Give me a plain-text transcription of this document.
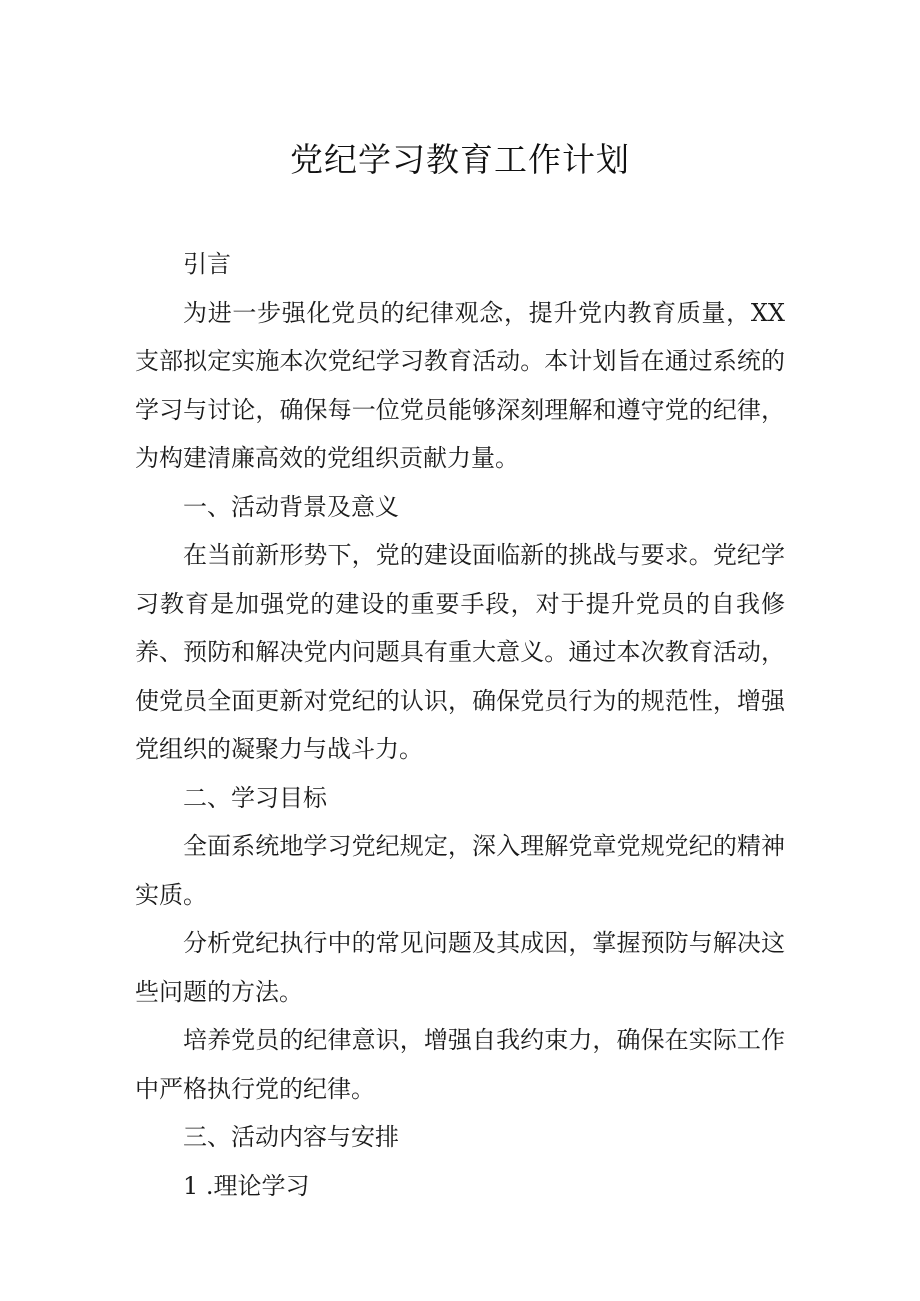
党纪学习教育工作计划

引言

为进一步强化党员的纪律观念，提升党内教育质量，XX支部拟定实施本次党纪学习教育活动。本计划旨在通过系统的学习与讨论，确保每一位党员能够深刻理解和遵守党的纪律，为构建清廉高效的党组织贡献力量。

一、活动背景及意义

在当前新形势下，党的建设面临新的挑战与要求。党纪学习教育是加强党的建设的重要手段，对于提升党员的自我修养、预防和解决党内问题具有重大意义。通过本次教育活动，使党员全面更新对党纪的认识，确保党员行为的规范性，增强党组织的凝聚力与战斗力。

二、学习目标

全面系统地学习党纪规定，深入理解党章党规党纪的精神实质。

分析党纪执行中的常见问题及其成因，掌握预防与解决这些问题的方法。

培养党员的纪律意识，增强自我约束力，确保在实际工作中严格执行党的纪律。

三、活动内容与安排

1 .理论学习
